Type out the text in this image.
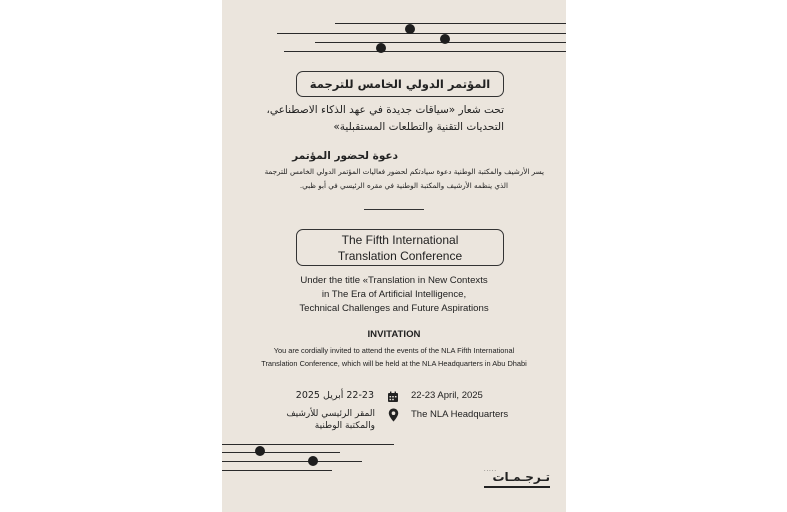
المؤتمر الدولي الخامس للترجمة

تحت شعار «سياقات جديدة في عهد الذكاء الاصطناعي،

التحديات التقنية والتطلعات المستقبلية»

دعوة لحضور المؤتمر

يسر الأرشيف والمكتبة الوطنية دعوة سيادتكم لحضور فعاليات المؤتمر الدولي الخامس للترجمة

الذي ينظمه الأرشيف والمكتبة الوطنية في مقره الرئيسي في أبو ظبي.

The Fifth International
Translation Conference

Under the title «Translation in New Contexts

in The Era of Artificial Intelligence,

Technical Challenges and Future Aspirations

INVITATION

You are cordially invited to attend the events of the NLA Fifth International

Translation Conference, which will be held at the NLA Headquarters in Abu Dhabi

22-23 أبريل 2025	22-23 April, 2025

المقر الرئيسي للأرشيف

والمكتبة الوطنية

The NLA Headquarters

·····
تـرجـمـات
